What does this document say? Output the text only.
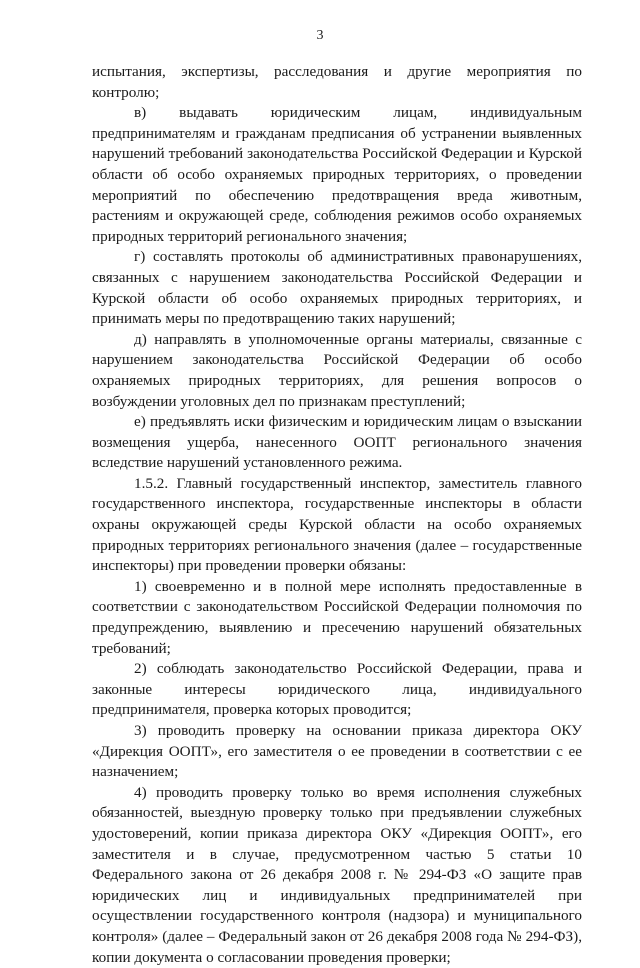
3

испытания, экспертизы, расследования и другие мероприятия по контролю;

в) выдавать юридическим лицам, индивидуальным предпринимателям и гражданам предписания об устранении выявленных нарушений требований законодательства Российской Федерации и Курской области об особо охраняемых природных территориях, о проведении мероприятий по обеспечению предотвращения вреда животным, растениям и окружающей среде, соблюдения режимов особо охраняемых природных территорий регионального значения;

г) составлять протоколы об административных правонарушениях, связанных с нарушением законодательства Российской Федерации и Курской области об особо охраняемых природных территориях, и принимать меры по предотвращению таких нарушений;

д) направлять в уполномоченные органы материалы, связанные с нарушением законодательства Российской Федерации об особо охраняемых природных территориях, для решения вопросов о возбуждении уголовных дел по признакам преступлений;

е) предъявлять иски физическим и юридическим лицам о взыскании возмещения ущерба, нанесенного ООПТ регионального значения вследствие нарушений установленного режима.

1.5.2. Главный государственный инспектор, заместитель главного государственного инспектора, государственные инспекторы в области охраны окружающей среды Курской области на особо охраняемых природных территориях регионального значения (далее – государственные инспекторы) при проведении проверки обязаны:

1) своевременно и в полной мере исполнять предоставленные в соответствии с законодательством Российской Федерации полномочия по предупреждению, выявлению и пресечению нарушений обязательных требований;

2) соблюдать законодательство Российской Федерации, права и законные интересы юридического лица, индивидуального предпринимателя, проверка которых проводится;

3) проводить проверку на основании приказа директора ОКУ «Дирекция ООПТ», его заместителя о ее проведении в соответствии с ее назначением;

4) проводить проверку только во время исполнения служебных обязанностей, выездную проверку только при предъявлении служебных удостоверений, копии приказа директора ОКУ «Дирекция ООПТ», его заместителя и в случае, предусмотренном частью 5 статьи 10 Федерального закона от 26 декабря 2008 г. № 294-ФЗ «О защите прав юридических лиц и индивидуальных предпринимателей при осуществлении государственного контроля (надзора) и муниципального контроля» (далее – Федеральный закон от 26 декабря 2008 года № 294-ФЗ), копии документа о согласовании проведения проверки;
